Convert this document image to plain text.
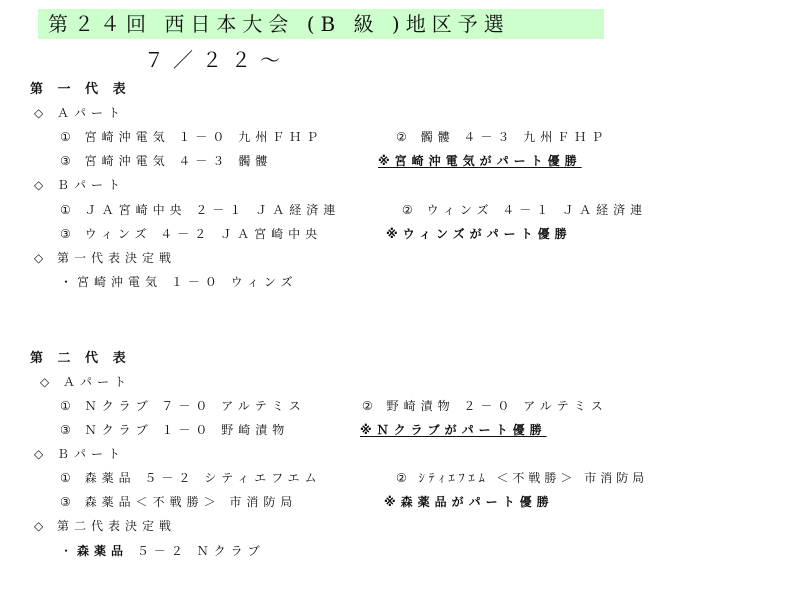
第２４回 西日本大会 (B 級 )地区予選
７／２２～
第 一 代 表
◇ Ａパート
① 宮崎沖電気 １－０ 九州ＦＨＰ	② 髑髏 ４－３ 九州ＦＨＰ
③ 宮崎沖電気 ４－３ 髑髏	※宮崎沖電気がパート優勝
◇ Ｂパート
① ＪＡ宮崎中央 ２－１ ＪＡ経済連	② ウィンズ ４－１ ＪＡ経済連
③ ウィンズ ４－２ ＪＡ宮崎中央	※ウィンズがパート優勝
◇ 第一代表決定戦
・宮崎沖電気 １－０ ウィンズ
第 二 代 表
◇ Ａパート
① Ｎクラブ ７－０ アルテミス	② 野崎漬物 ２－０ アルテミス
③ Ｎクラブ １－０ 野崎漬物	※Ｎクラブがパート優勝
◇ Ｂパート
① 森薬品 ５－２ シティエフエム	② ｼﾃｨｴﾌｴﾑ ＜不戦勝＞ 市消防局
③ 森薬品＜不戦勝＞ 市消防局	※森薬品がパート優勝
◇ 第二代表決定戦
・森薬品 ５－２ Ｎクラブ
